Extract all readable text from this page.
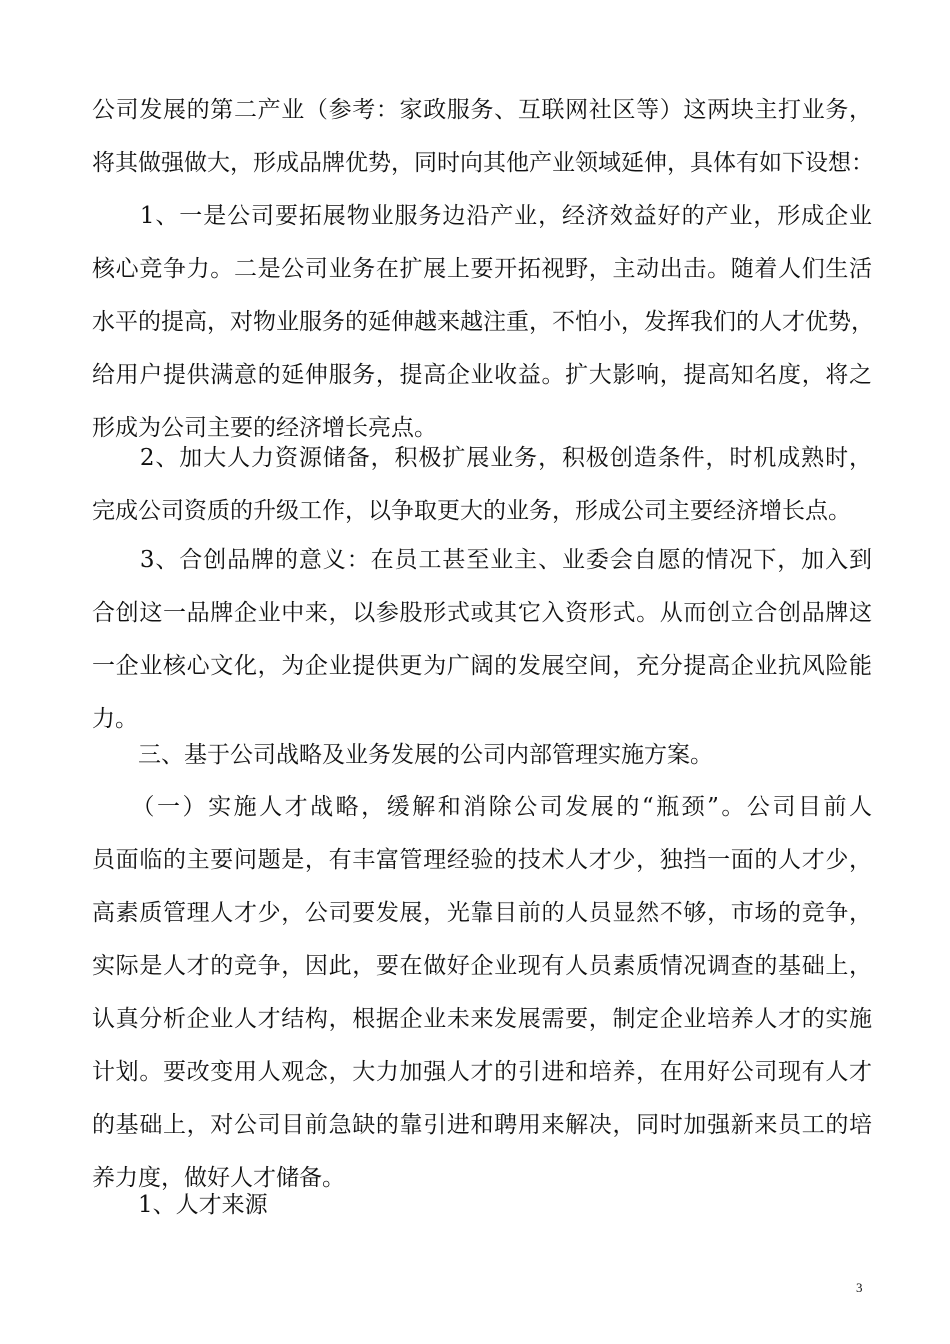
公司发展的第二产业（参考：家政服务、互联网社区等）这两块主打业务，
将其做强做大，形成品牌优势，同时向其他产业领域延伸，具体有如下设想：
　　1、一是公司要拓展物业服务边沿产业，经济效益好的产业，形成企业
核心竞争力。二是公司业务在扩展上要开拓视野，主动出击。随着人们生活
水平的提高，对物业服务的延伸越来越注重，不怕小，发挥我们的人才优势，
给用户提供满意的延伸服务，提高企业收益。扩大影响，提高知名度，将之
形成为公司主要的经济增长亮点。
　　2、加大人力资源储备，积极扩展业务，积极创造条件，时机成熟时，
完成公司资质的升级工作，以争取更大的业务，形成公司主要经济增长点。
　　3、合创品牌的意义：在员工甚至业主、业委会自愿的情况下，加入到
合创这一品牌企业中来，以参股形式或其它入资形式。从而创立合创品牌这
一企业核心文化，为企业提供更为广阔的发展空间，充分提高企业抗风险能
力。
　　三、基于公司战略及业务发展的公司内部管理实施方案。
　　（一）实施人才战略，缓解和消除公司发展的“瓶颈”。公司目前人
员面临的主要问题是，有丰富管理经验的技术人才少，独挡一面的人才少，
高素质管理人才少，公司要发展，光靠目前的人员显然不够，市场的竞争，
实际是人才的竞争，因此，要在做好企业现有人员素质情况调查的基础上，
认真分析企业人才结构，根据企业未来发展需要，制定企业培养人才的实施
计划。要改变用人观念，大力加强人才的引进和培养，在用好公司现有人才
的基础上，对公司目前急缺的靠引进和聘用来解决，同时加强新来员工的培
养力度，做好人才储备。
　　1、人才来源
3
